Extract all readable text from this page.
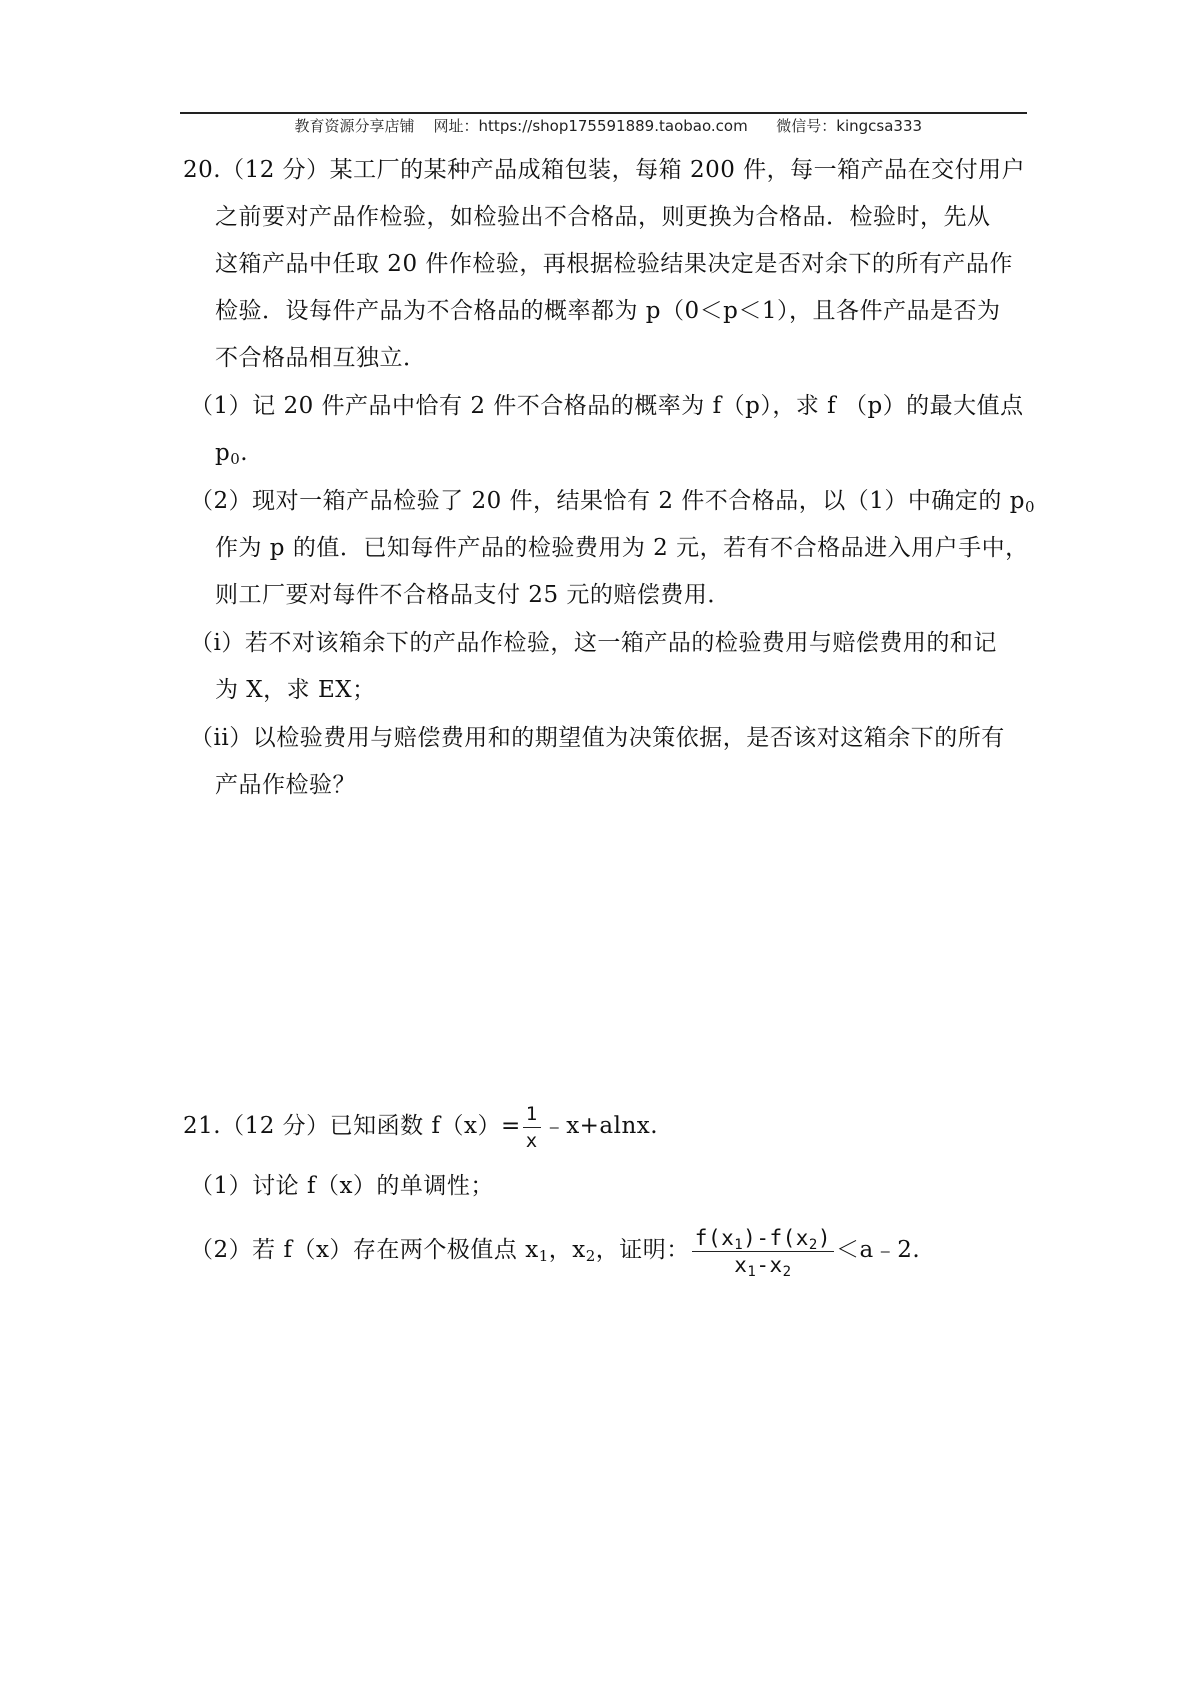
教育资源分享店铺 网址：https://shop175591889.taobao.com 微信号：kingcsa333

20.（12 分）某工厂的某种产品成箱包装，每箱 200 件，每一箱产品在交付用户
之前要对产品作检验，如检验出不合格品，则更换为合格品．检验时，先从
这箱产品中任取 20 件作检验，再根据检验结果决定是否对余下的所有产品作
检验．设每件产品为不合格品的概率都为 p（0＜p＜1），且各件产品是否为
不合格品相互独立．
（1）记 20 件产品中恰有 2 件不合格品的概率为 f（p），求 f （p）的最大值点
$p_0$.
（2）现对一箱产品检验了 20 件，结果恰有 2 件不合格品，以（1）中确定的 $p_0$
作为 p 的值．已知每件产品的检验费用为 2 元，若有不合格品进入用户手中，
则工厂要对每件不合格品支付 25 元的赔偿费用．
（i）若不对该箱余下的产品作检验，这一箱产品的检验费用与赔偿费用的和记
为 X，求 EX；
（ii）以检验费用与赔偿费用和的期望值为决策依据，是否该对这箱余下的所有
产品作检验？
21.（12 分）已知函数 $f(x)= \frac{1}{x}$ ﹣x+alnx.
（1）讨论 f（x）的单调性；
（2）若 f（x）存在两个极值点 $x_1$，$x_2$，证明： $\frac{f(x_1)-f(x_2)}{x_1-x_2}$ ＜a﹣2.
